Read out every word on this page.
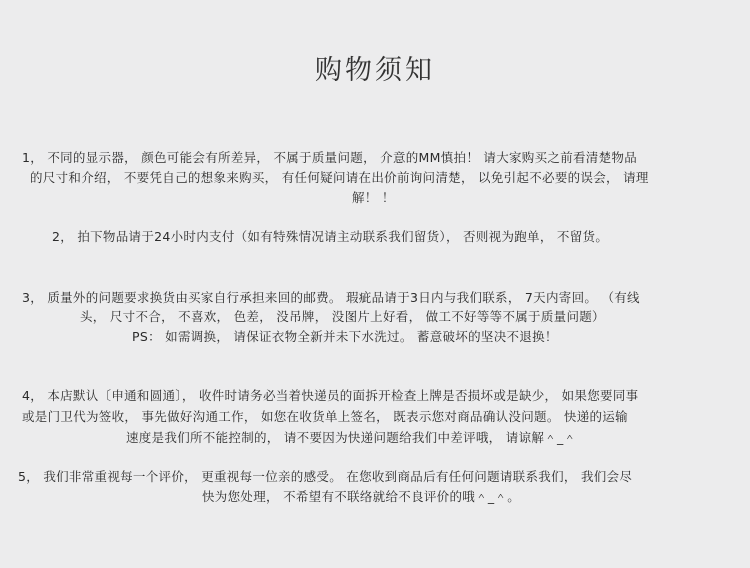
购物须知
1， 不同的显示器， 颜色可能会有所差异， 不属于质量问题， 介意的MM慎拍！ 请大家购买之前看清楚物品
的尺寸和介绍， 不要凭自己的想象来购买， 有任何疑问请在出价前询问清楚， 以免引起不必要的误会， 请理
解！ ！
2， 拍下物品请于24小时内支付（如有特殊情况请主动联系我们留货）， 否则视为跑单， 不留货。
3， 质量外的问题要求换货由买家自行承担来回的邮费。 瑕疵品请于3日内与我们联系， 7天内寄回。 （有线
头， 尺寸不合， 不喜欢， 色差， 没吊牌， 没图片上好看， 做工不好等等不属于质量问题）
PS： 如需调换， 请保证衣物全新并未下水洗过。 蓄意破坏的坚决不退换！
4， 本店默认〔申通和圆通〕， 收件时请务必当着快递员的面拆开检查上牌是否损坏或是缺少， 如果您要同事
或是门卫代为签收， 事先做好沟通工作， 如您在收货单上签名， 既表示您对商品确认没问题。 快递的运输
速度是我们所不能控制的， 请不要因为快递问题给我们中差评哦， 请谅解＾_＾
5， 我们非常重视每一个评价， 更重视每一位亲的感受。 在您收到商品后有任何问题请联系我们， 我们会尽
快为您处理， 不希望有不联络就给不良评价的哦＾_＾。
